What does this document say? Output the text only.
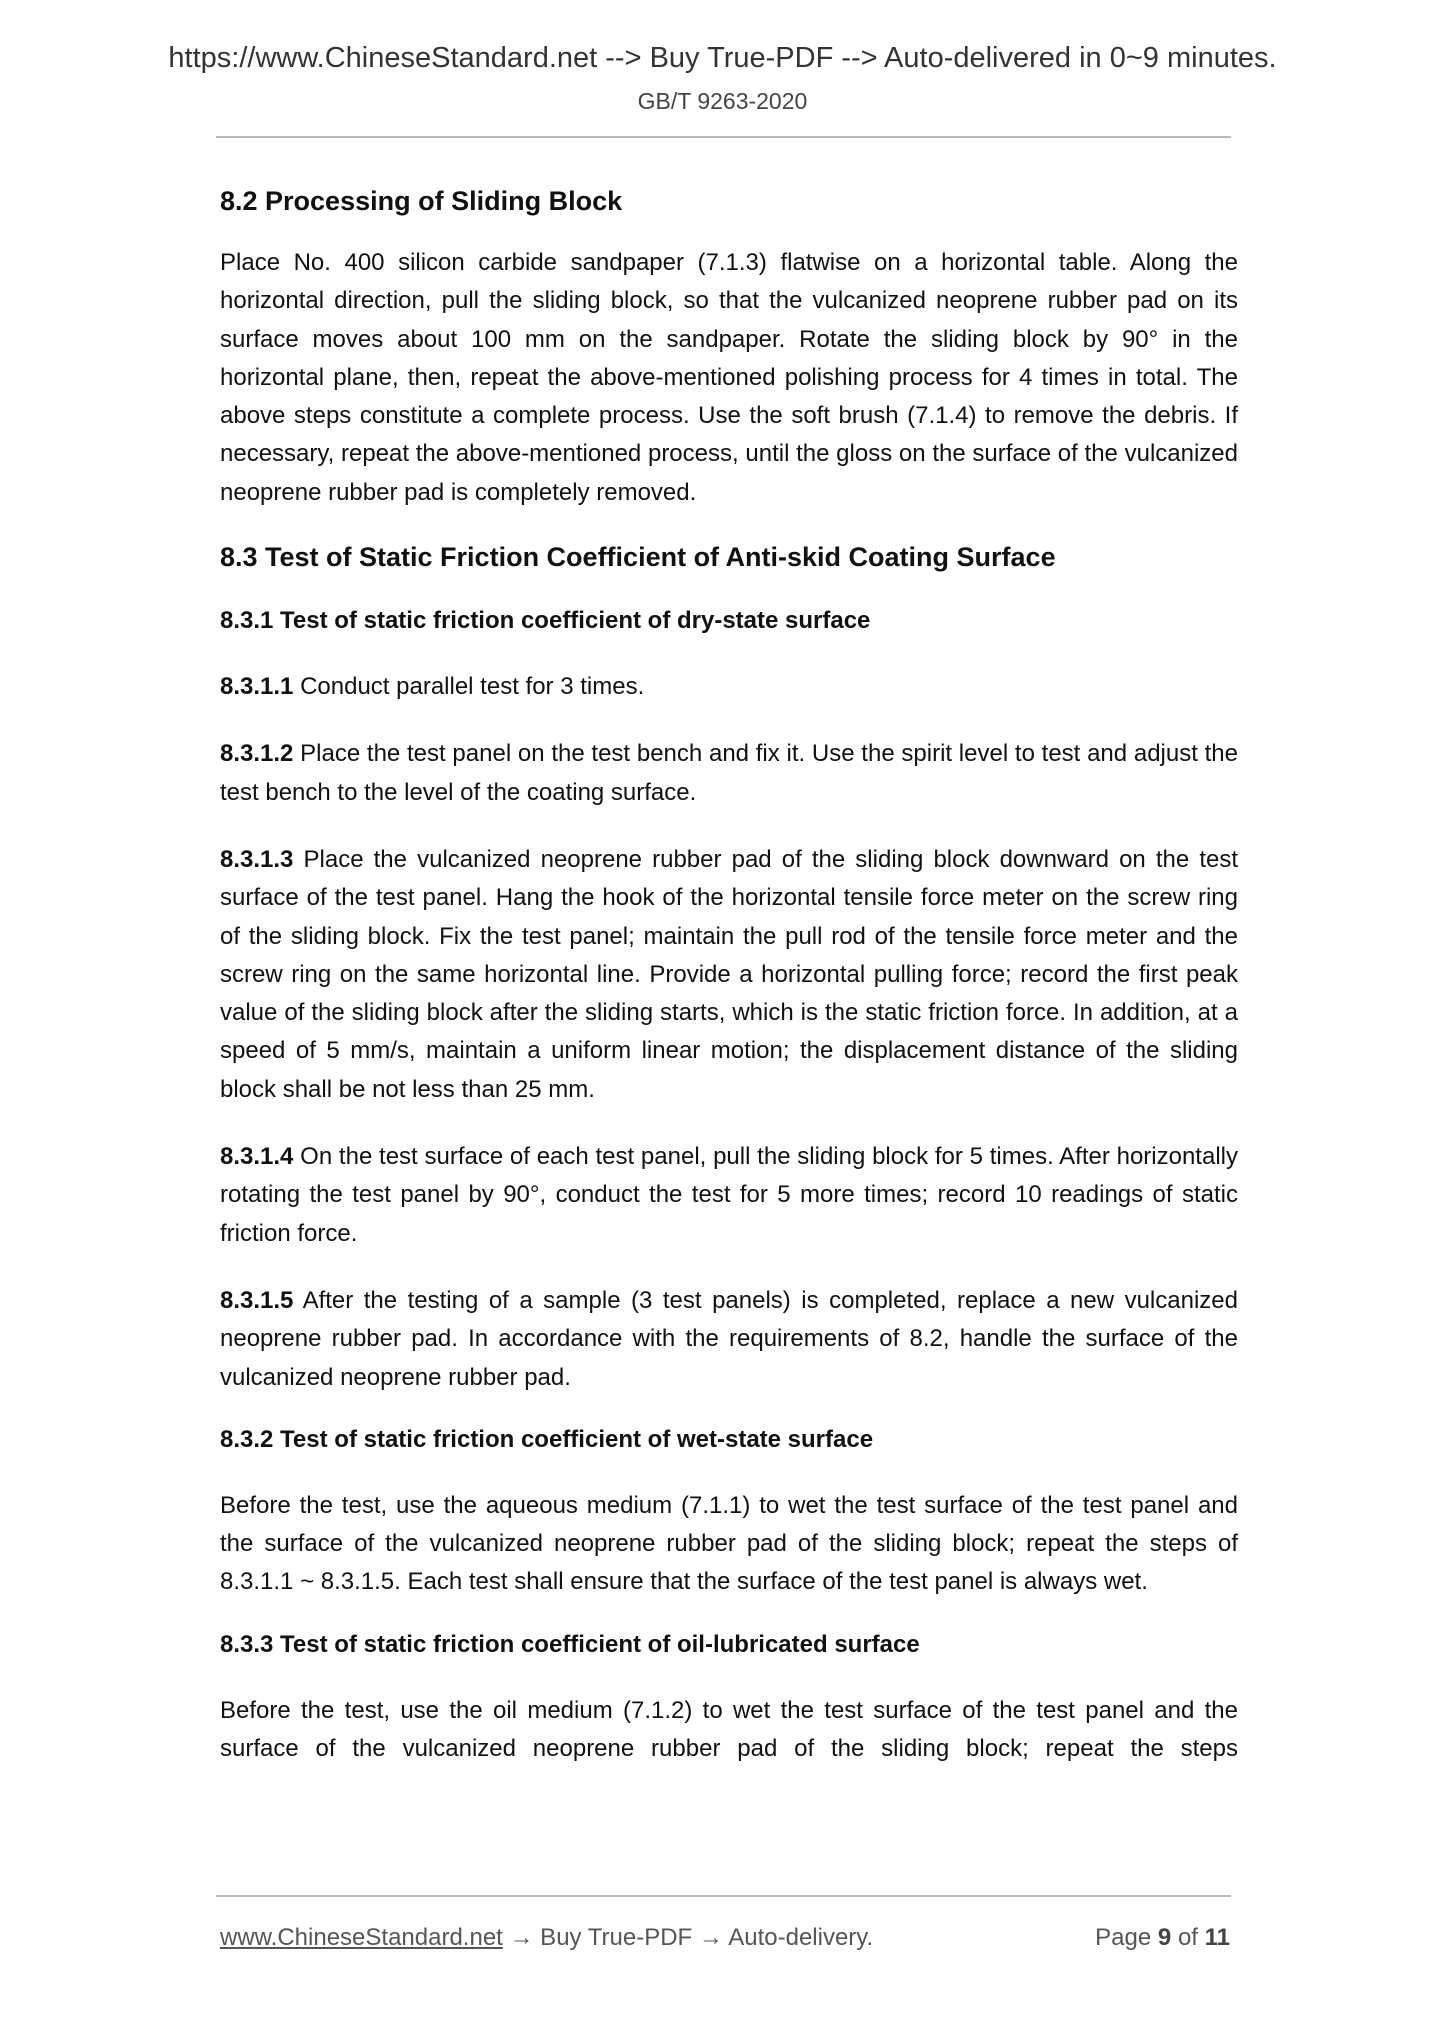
https://www.ChineseStandard.net --> Buy True-PDF --> Auto-delivered in 0~9 minutes.
GB/T 9263-2020
8.2 Processing of Sliding Block

Place No. 400 silicon carbide sandpaper (7.1.3) flatwise on a horizontal table. Along the horizontal direction, pull the sliding block, so that the vulcanized neoprene rubber pad on its surface moves about 100 mm on the sandpaper. Rotate the sliding block by 90° in the horizontal plane, then, repeat the above-mentioned polishing process for 4 times in total. The above steps constitute a complete process. Use the soft brush (7.1.4) to remove the debris. If necessary, repeat the above-mentioned process, until the gloss on the surface of the vulcanized neoprene rubber pad is completely removed.

8.3 Test of Static Friction Coefficient of Anti-skid Coating Surface
8.3.1 Test of static friction coefficient of dry-state surface

8.3.1.1 Conduct parallel test for 3 times.

8.3.1.2 Place the test panel on the test bench and fix it. Use the spirit level to test and adjust the test bench to the level of the coating surface.

8.3.1.3 Place the vulcanized neoprene rubber pad of the sliding block downward on the test surface of the test panel. Hang the hook of the horizontal tensile force meter on the screw ring of the sliding block. Fix the test panel; maintain the pull rod of the tensile force meter and the screw ring on the same horizontal line. Provide a horizontal pulling force; record the first peak value of the sliding block after the sliding starts, which is the static friction force. In addition, at a speed of 5 mm/s, maintain a uniform linear motion; the displacement distance of the sliding block shall be not less than 25 mm.

8.3.1.4 On the test surface of each test panel, pull the sliding block for 5 times. After horizontally rotating the test panel by 90°, conduct the test for 5 more times; record 10 readings of static friction force.

8.3.1.5 After the testing of a sample (3 test panels) is completed, replace a new vulcanized neoprene rubber pad. In accordance with the requirements of 8.2, handle the surface of the vulcanized neoprene rubber pad.

8.3.2 Test of static friction coefficient of wet-state surface

Before the test, use the aqueous medium (7.1.1) to wet the test surface of the test panel and the surface of the vulcanized neoprene rubber pad of the sliding block; repeat the steps of 8.3.1.1 ~ 8.3.1.5. Each test shall ensure that the surface of the test panel is always wet.

8.3.3 Test of static friction coefficient of oil-lubricated surface

Before the test, use the oil medium (7.1.2) to wet the test surface of the test panel and the surface of the vulcanized neoprene rubber pad of the sliding block; repeat the steps

www.ChineseStandard.net → Buy True-PDF → Auto-delivery.	Page 9 of 11
